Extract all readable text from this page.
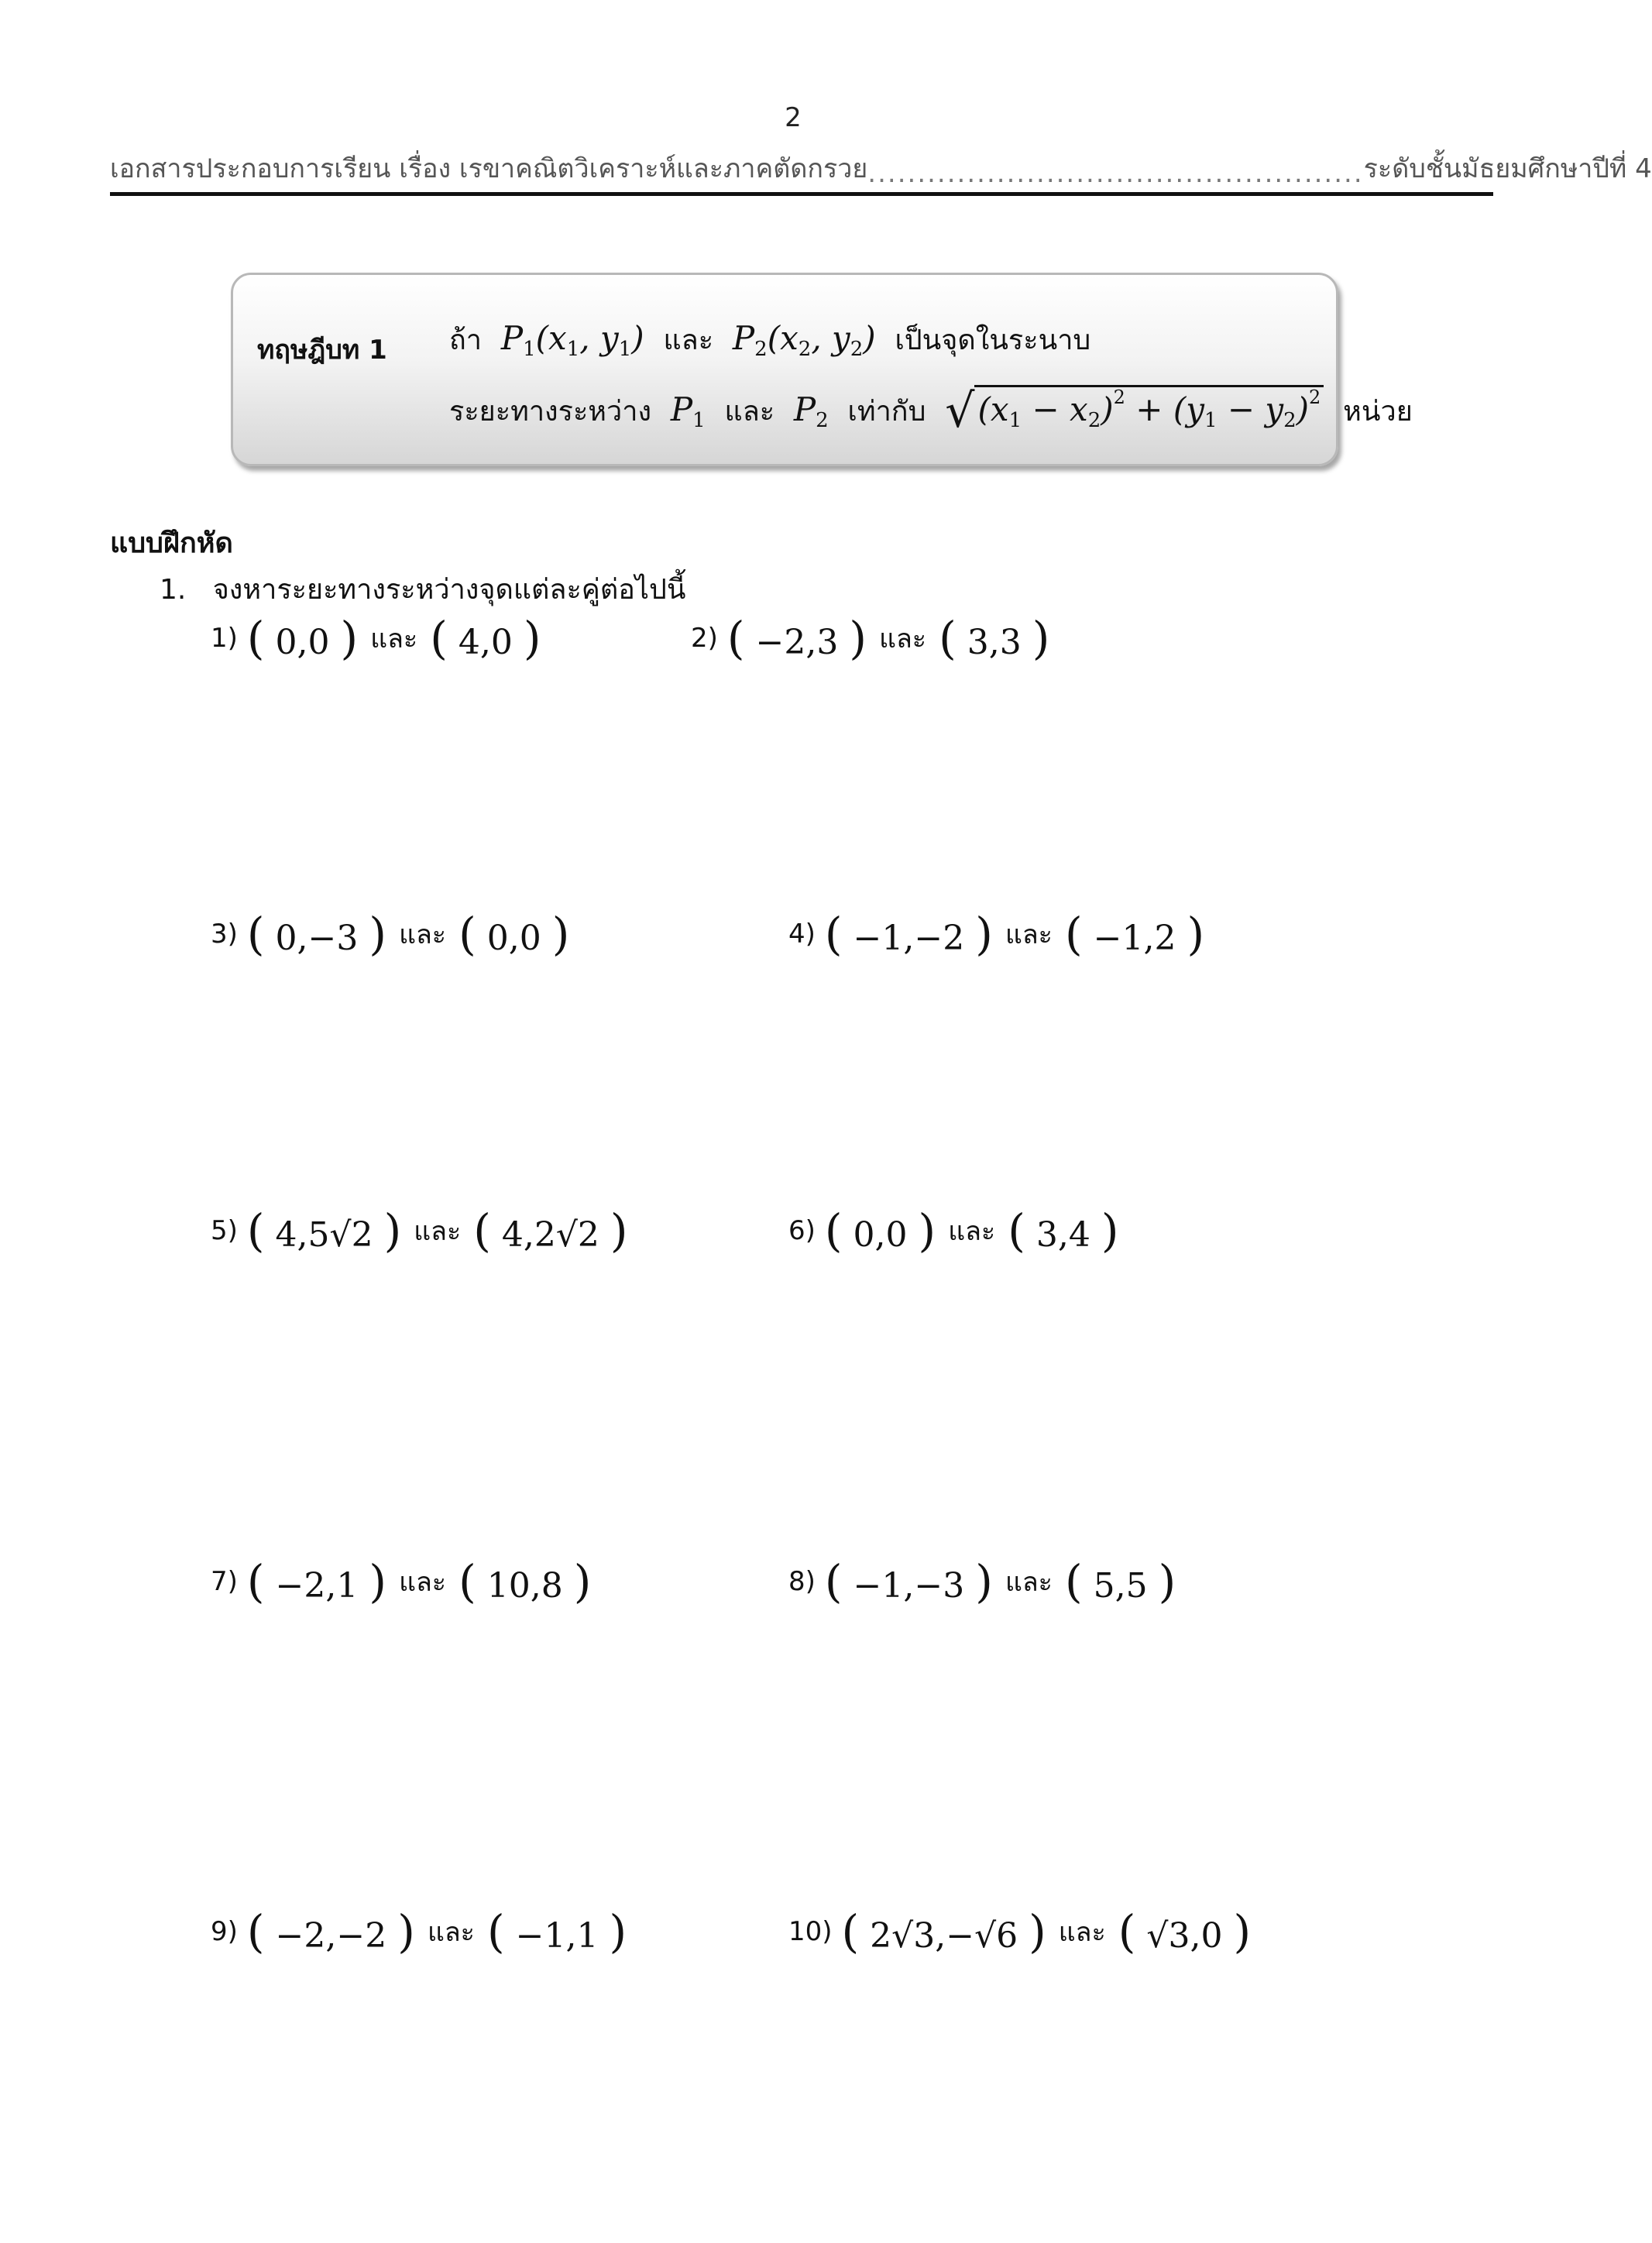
2
เอกสารประกอบการเรียน เรื่อง เรขาคณิตวิเคราะห์และภาคตัดกรวย .................................................. ระดับชั้นมัธยมศึกษาปีที่ 4
ทฤษฎีบท 1 ถ้า  $P_1(x_1$, $y_1$)  และ  $P_2(x_2$, $y_2$)  เป็นจุดในระนาบ
ระยะทางระหว่าง  $P_1$ และ  $P_2$ เท่ากับ $√(x_1 - x_2)^2 + (y_1 - y_2)^2$ หน่วย
แบบฝึกหัด
1. จงหาระยะทางระหว่างจุดแต่ละคู่ต่อไปนี้
1) ( 0,0 ) และ ( 4,0 )	2) ( −2,3 ) และ ( 3,3 )
3) ( 0,−3 ) และ ( 0,0 )	4) ( −1,−2 ) และ ( −1,2 )
5) ( 4,5√2 ) และ ( 4,2√2 )	6) ( 0,0 ) และ ( 3,4 )
7) ( −2,1 ) และ ( 10,8 )	8) ( −1,−3 ) และ ( 5,5 )
9) ( −2,−2 ) และ ( −1,1 )	10) ( 2√3,−√6 ) และ ( √3,0 )
